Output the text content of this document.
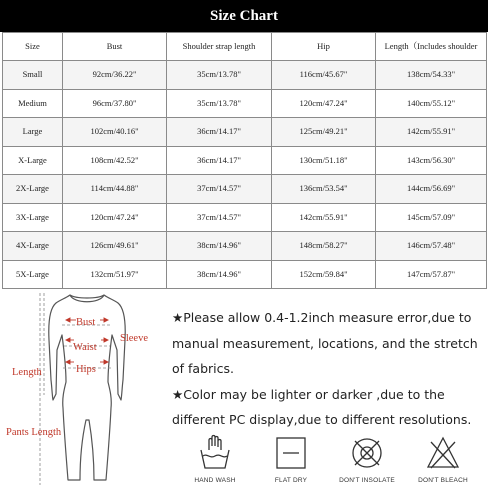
Size Chart
Size	Bust	Shoulder strap length	Hip	Length（Includes shoulder
Small	92cm/36.22"	35cm/13.78"	116cm/45.67"	138cm/54.33"
Medium	96cm/37.80"	35cm/13.78"	120cm/47.24"	140cm/55.12"
Large	102cm/40.16"	36cm/14.17"	125cm/49.21"	142cm/55.91"
X-Large	108cm/42.52"	36cm/14.17"	130cm/51.18"	143cm/56.30"
2X-Large	114cm/44.88"	37cm/14.57"	136cm/53.54"	144cm/56.69"
3X-Large	120cm/47.24"	37cm/14.57"	142cm/55.91"	145cm/57.09"
4X-Large	126cm/49.61"	38cm/14.96"	148cm/58.27"	146cm/57.48"
5X-Large	132cm/51.97"	38cm/14.96"	152cm/59.84"	147cm/57.87"
Bust
Waist
Hips
Sleeve
Length
Pants Length

★Please allow 0.4-1.2inch measure error,due to manual measurement, locations, and the stretch of fabrics.

★Color may be lighter or darker ,due to the different PC display,due to different resolutions.

HAND WASH	FLAT DRY	DON'T INSOLATE	DON'T BLEACH
